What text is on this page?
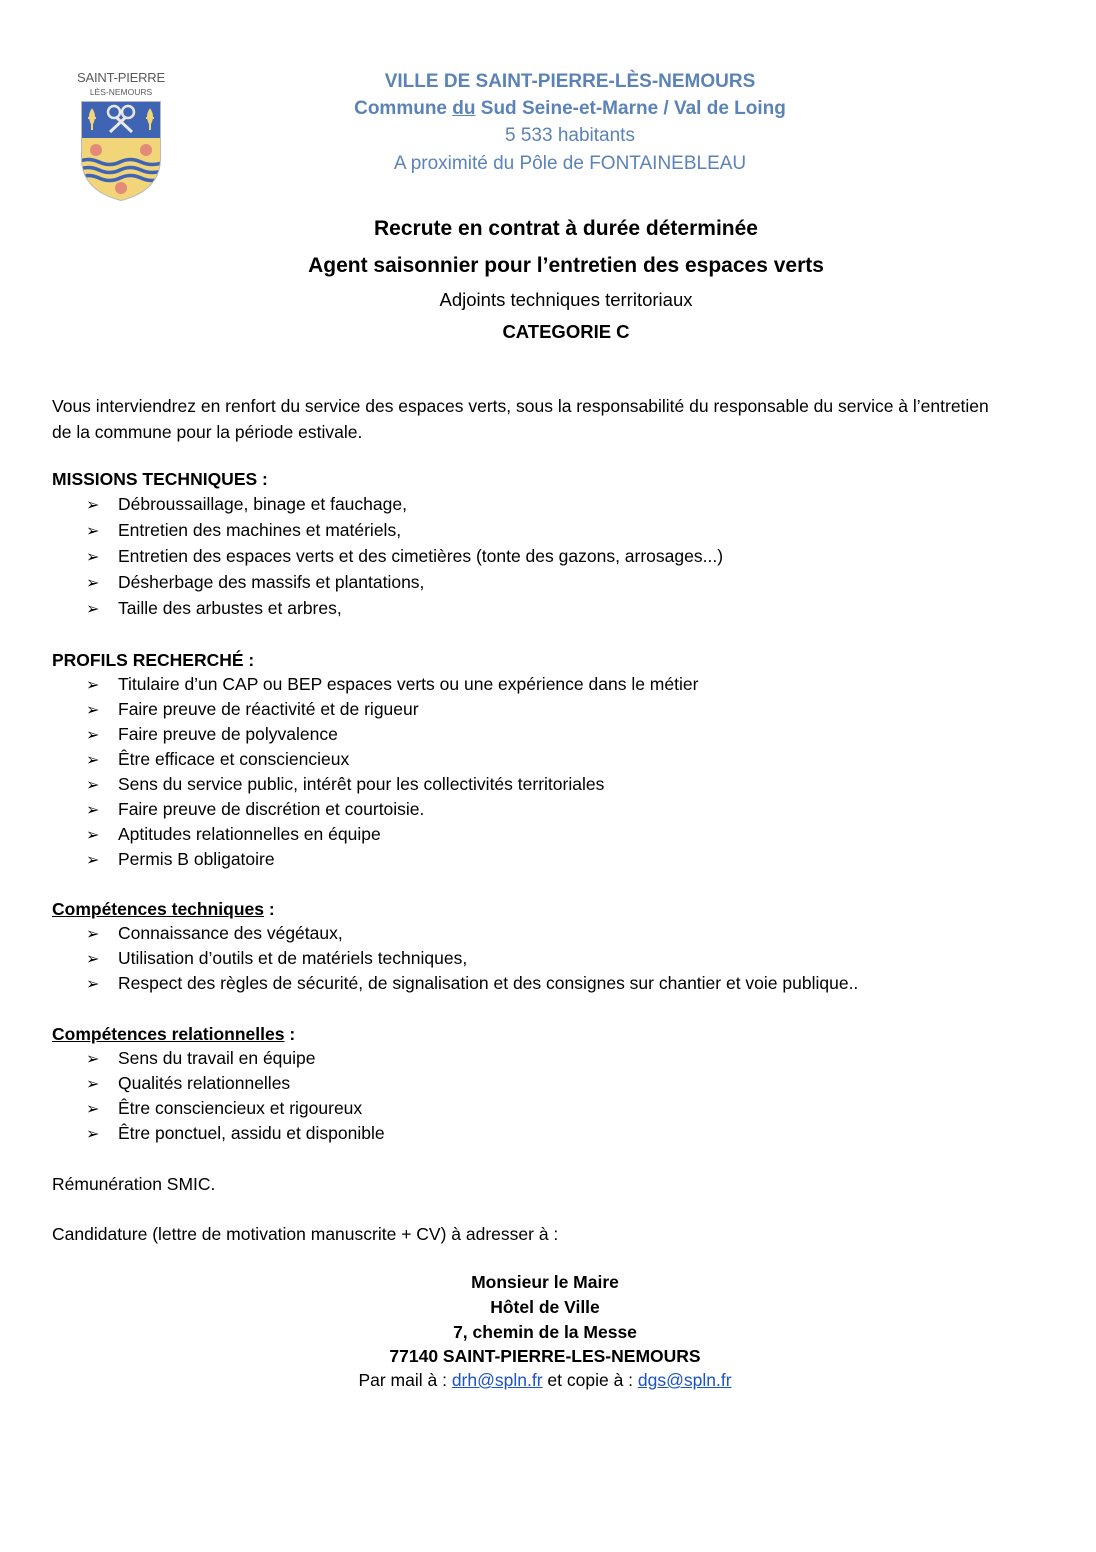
SAINT-PIERRE
LÈS-NEMOURS	VILLE DE SAINT-PIERRE-LÈS-NEMOURS
Commune du Sud Seine-et-Marne / Val de Loing
5 533 habitants
A proximité du Pôle de FONTAINEBLEAU
Recrute en contrat à durée déterminée
Agent saisonnier pour l’entretien des espaces verts
Adjoints techniques territoriaux
CATEGORIE C
Vous interviendrez en renfort du service des espaces verts, sous la responsabilité du responsable du service à l’entretien
de la commune pour la période estivale.
MISSIONS TECHNIQUES :
➢ Débroussaillage, binage et fauchage,
➢ Entretien des machines et matériels,
➢ Entretien des espaces verts et des cimetières (tonte des gazons, arrosages...)
➢ Désherbage des massifs et plantations,
➢ Taille des arbustes et arbres,
PROFILS RECHERCHÉ :
➢ Titulaire d’un CAP ou BEP espaces verts ou une expérience dans le métier
➢ Faire preuve de réactivité et de rigueur
➢ Faire preuve de polyvalence
➢ Être efficace et consciencieux
➢ Sens du service public, intérêt pour les collectivités territoriales
➢ Faire preuve de discrétion et courtoisie.
➢ Aptitudes relationnelles en équipe
➢ Permis B obligatoire
Compétences techniques :
➢ Connaissance des végétaux,
➢ Utilisation d’outils et de matériels techniques,
➢ Respect des règles de sécurité, de signalisation et des consignes sur chantier et voie publique..
Compétences relationnelles :
➢ Sens du travail en équipe
➢ Qualités relationnelles
➢ Être consciencieux et rigoureux
➢ Être ponctuel, assidu et disponible
Rémunération SMIC.
Candidature (lettre de motivation manuscrite + CV) à adresser à :
Monsieur le Maire
Hôtel de Ville
7, chemin de la Messe
77140 SAINT-PIERRE-LES-NEMOURS
Par mail à : drh@spln.fr et copie à : dgs@spln.fr
